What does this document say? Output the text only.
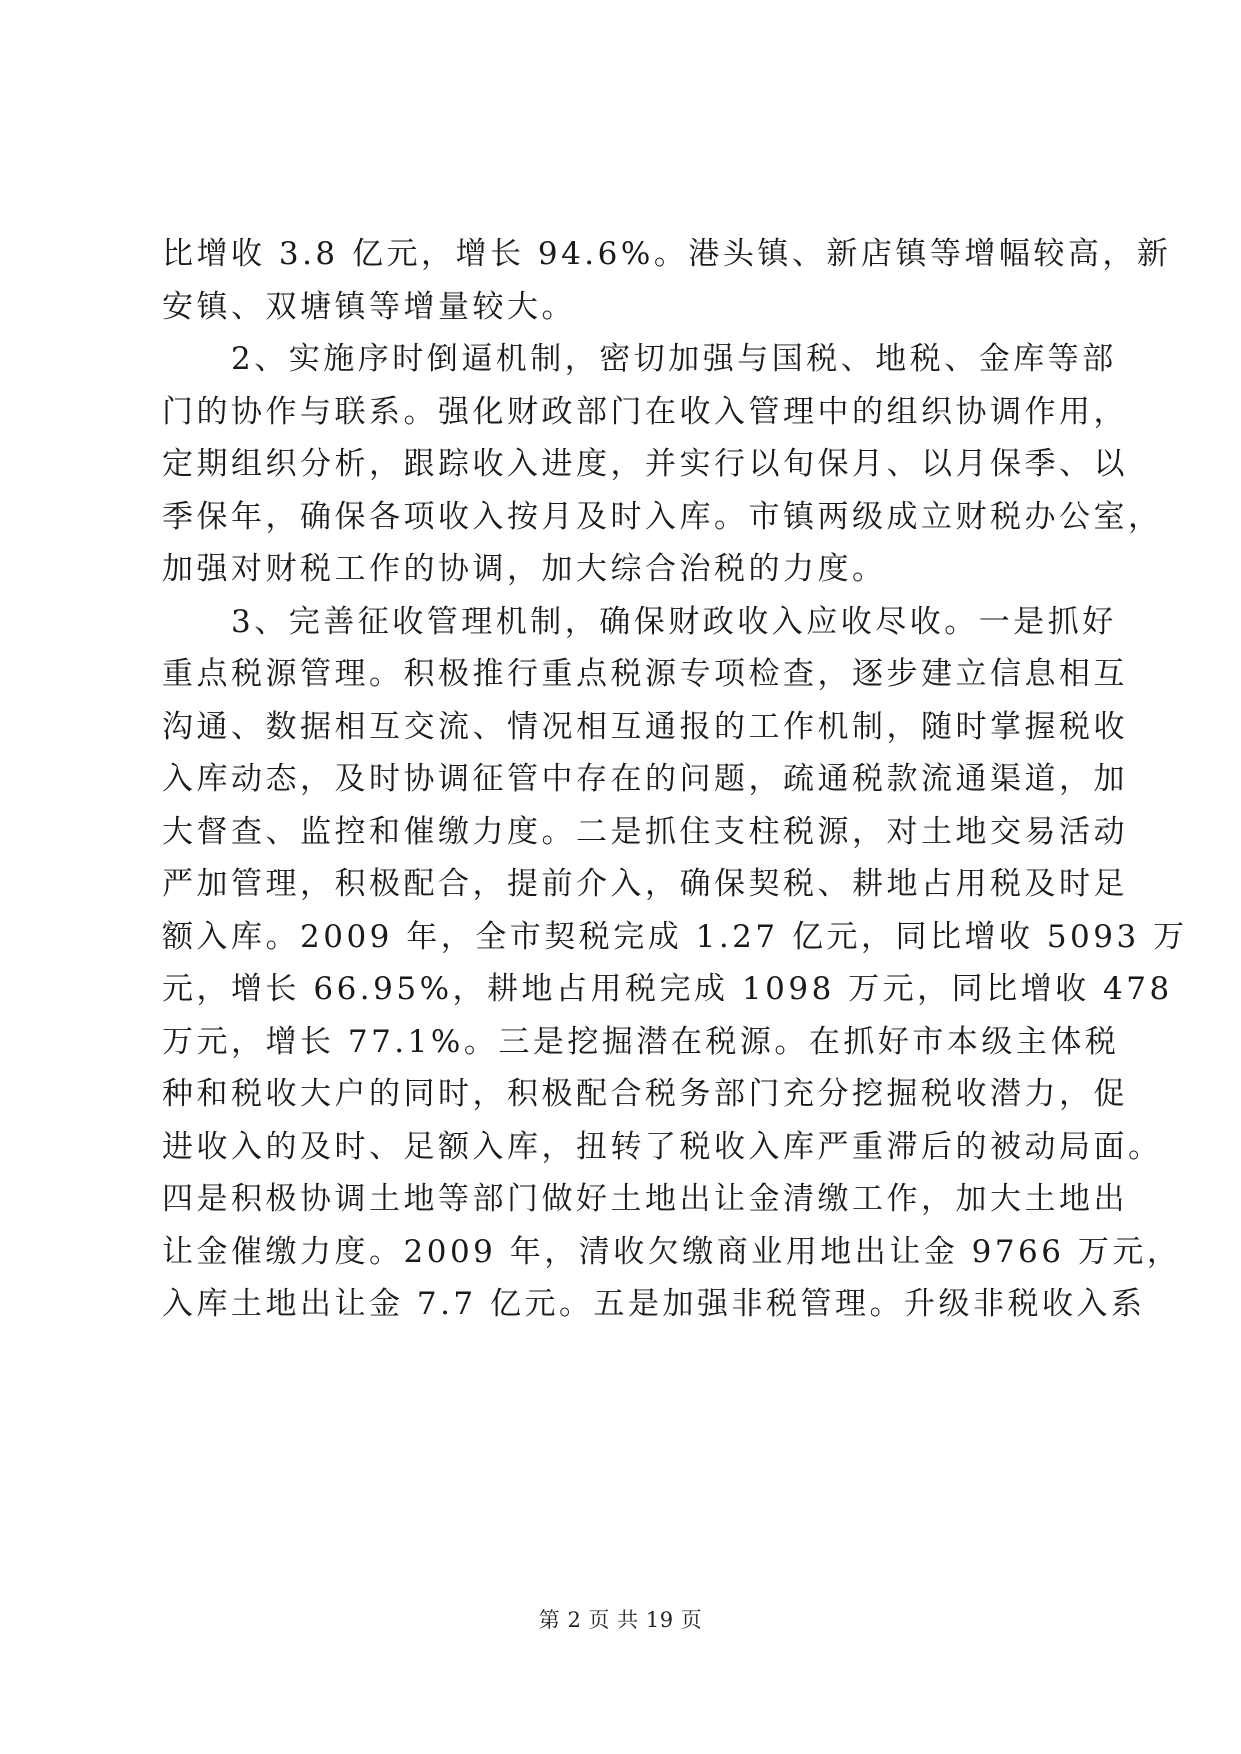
比增收 3.8 亿元，增长 94.6%。港头镇、新店镇等增幅较高，新
安镇、双塘镇等增量较大。
　　2、实施序时倒逼机制，密切加强与国税、地税、金库等部
门的协作与联系。强化财政部门在收入管理中的组织协调作用，
定期组织分析，跟踪收入进度，并实行以旬保月、以月保季、以
季保年，确保各项收入按月及时入库。市镇两级成立财税办公室，
加强对财税工作的协调，加大综合治税的力度。
　　3、完善征收管理机制，确保财政收入应收尽收。一是抓好
重点税源管理。积极推行重点税源专项检查，逐步建立信息相互
沟通、数据相互交流、情况相互通报的工作机制，随时掌握税收
入库动态，及时协调征管中存在的问题，疏通税款流通渠道，加
大督查、监控和催缴力度。二是抓住支柱税源，对土地交易活动
严加管理，积极配合，提前介入，确保契税、耕地占用税及时足
额入库。2009 年，全市契税完成 1.27 亿元，同比增收 5093 万
元，增长 66.95%，耕地占用税完成 1098 万元，同比增收 478
万元，增长 77.1%。三是挖掘潜在税源。在抓好市本级主体税
种和税收大户的同时，积极配合税务部门充分挖掘税收潜力，促
进收入的及时、足额入库，扭转了税收入库严重滞后的被动局面。
四是积极协调土地等部门做好土地出让金清缴工作，加大土地出
让金催缴力度。2009 年，清收欠缴商业用地出让金 9766 万元，
入库土地出让金 7.7 亿元。五是加强非税管理。升级非税收入系
第 2 页 共 19 页
